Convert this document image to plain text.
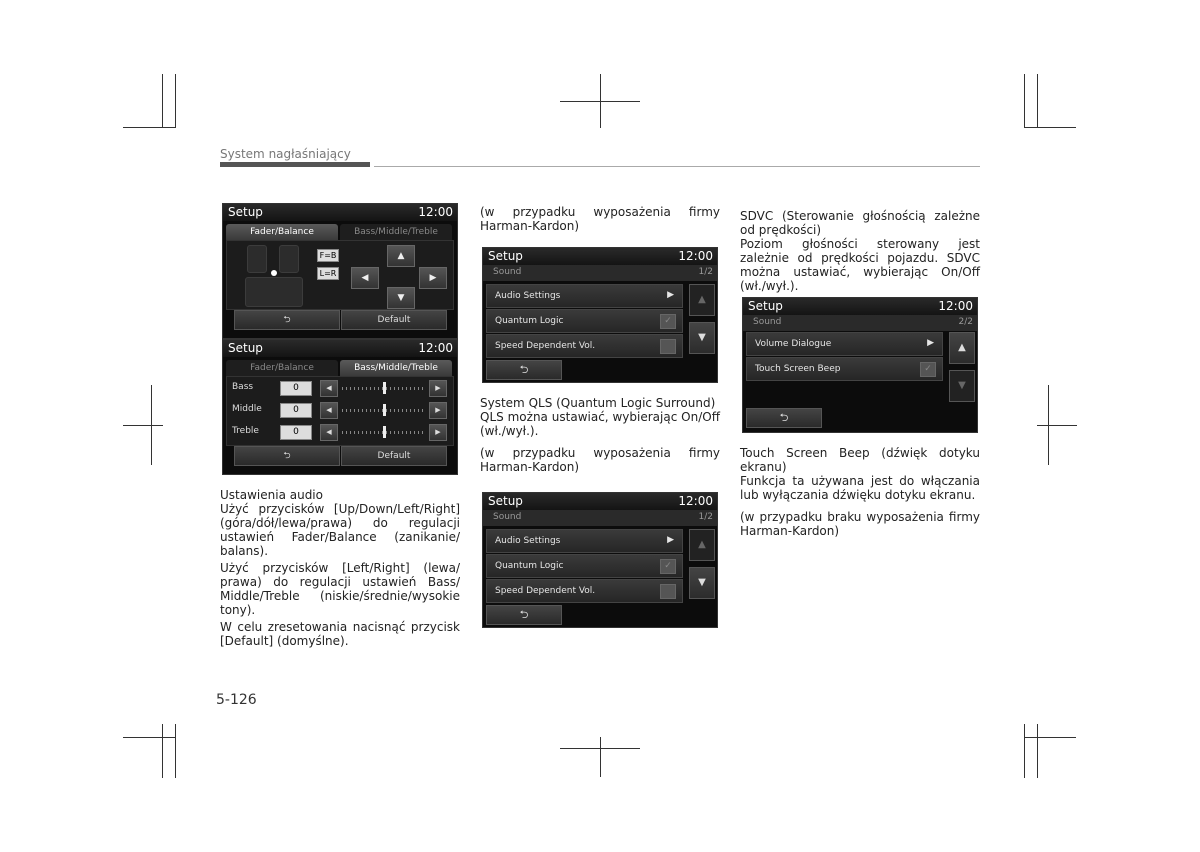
System nagłaśniający
Setup	12:00
Fader/Balance	Bass/Middle/Treble
F=B
L=R
▲
◀	▶
▼
⮌	Default
Setup	12:00
Fader/Balance	Bass/Middle/Treble
⮌	Default
Bass	0	◀	▶
Middle	0	◀	▶
Treble	0	◀	▶
Setup	12:00
Sound	1/2
Audio Settings	▶
Quantum Logic	✓
Speed Dependent Vol.
▲
▼
⮌
Setup	12:00
Sound	1/2
Audio Settings	▶
Quantum Logic	✓
Speed Dependent Vol.
▲
▼
⮌
Setup	12:00
Sound	2/2
Volume Dialogue	▶
Touch Screen Beep	✓
▲
▼
⮌

Ustawienia audio

Użyć przycisków [Up/Down/Left/Right] (góra/dół/lewa/prawa) do regulacji ustawień Fader/Balance (zanikanie/ balans).

Użyć przycisków [Left/Right] (lewa/ prawa) do regulacji ustawień Bass/ Middle/Treble (niskie/średnie/wysokie tony).

W celu zresetowania nacisnąć przycisk [Default] (domyślne).

(w przypadku wyposażenia firmy Harman-Kardon)

System QLS (Quantum Logic Surround)

QLS można ustawiać, wybierając On/Off (wł./wył.).

(w przypadku wyposażenia firmy Harman-Kardon)

SDVC (Sterowanie głośnością zależne od prędkości)

Poziom głośności sterowany jest zależnie od prędkości pojazdu. SDVC można ustawiać, wybierając On/Off (wł./wył.).

Touch Screen Beep (dźwięk dotyku ekranu)

Funkcja ta używana jest do włączania lub wyłączania dźwięku dotyku ekranu.

(w przypadku braku wyposażenia firmy Harman-Kardon)

5-126
